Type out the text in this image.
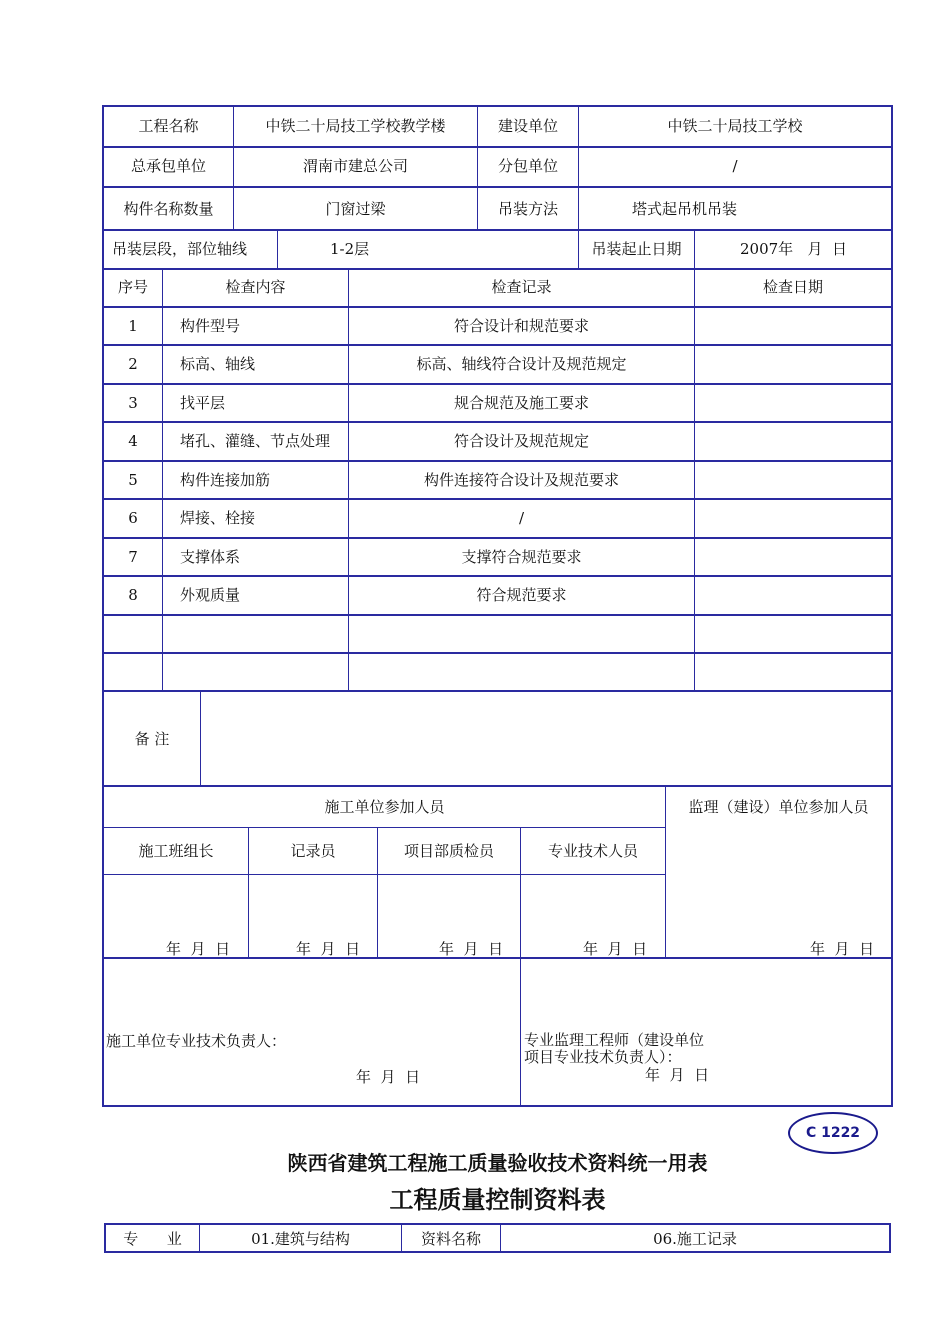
工程名称	中铁二十局技工学校教学楼	建设单位	中铁二十局技工学校
总承包单位	渭南市建总公司	分包单位	/
构件名称数量	门窗过梁	吊装方法	塔式起吊机吊装
吊装层段，部位轴线	1-2层	吊装起止日期	2007年   月  日
序号	检查内容	检查记录	检查日期
1	构件型号	符合设计和规范要求
2	标高、轴线	标高、轴线符合设计及规范规定
3	找平层	规合规范及施工要求
4	堵孔、灌缝、节点处理	符合设计及规范规定
5	构件连接加筋	构件连接符合设计及规范要求
6	焊接、栓接	/
7	支撑体系	支撑符合规范要求
8	外观质量	符合规范要求
备 注
施工单位参加人员	监理（建设）单位参加人员
施工班组长	记录员	项目部质检员	专业技术人员
年  月  日	年  月  日	年  月  日	年  月  日	年  月  日
施工单位专业技术负责人：
年  月  日
专业监理工程师（建设单位
项目专业技术负责人）：
年  月  日
C 1222
陕西省建筑工程施工质量验收技术资料统一用表
工程质量控制资料表
专      业	01.建筑与结构	资料名称	06.施工记录
